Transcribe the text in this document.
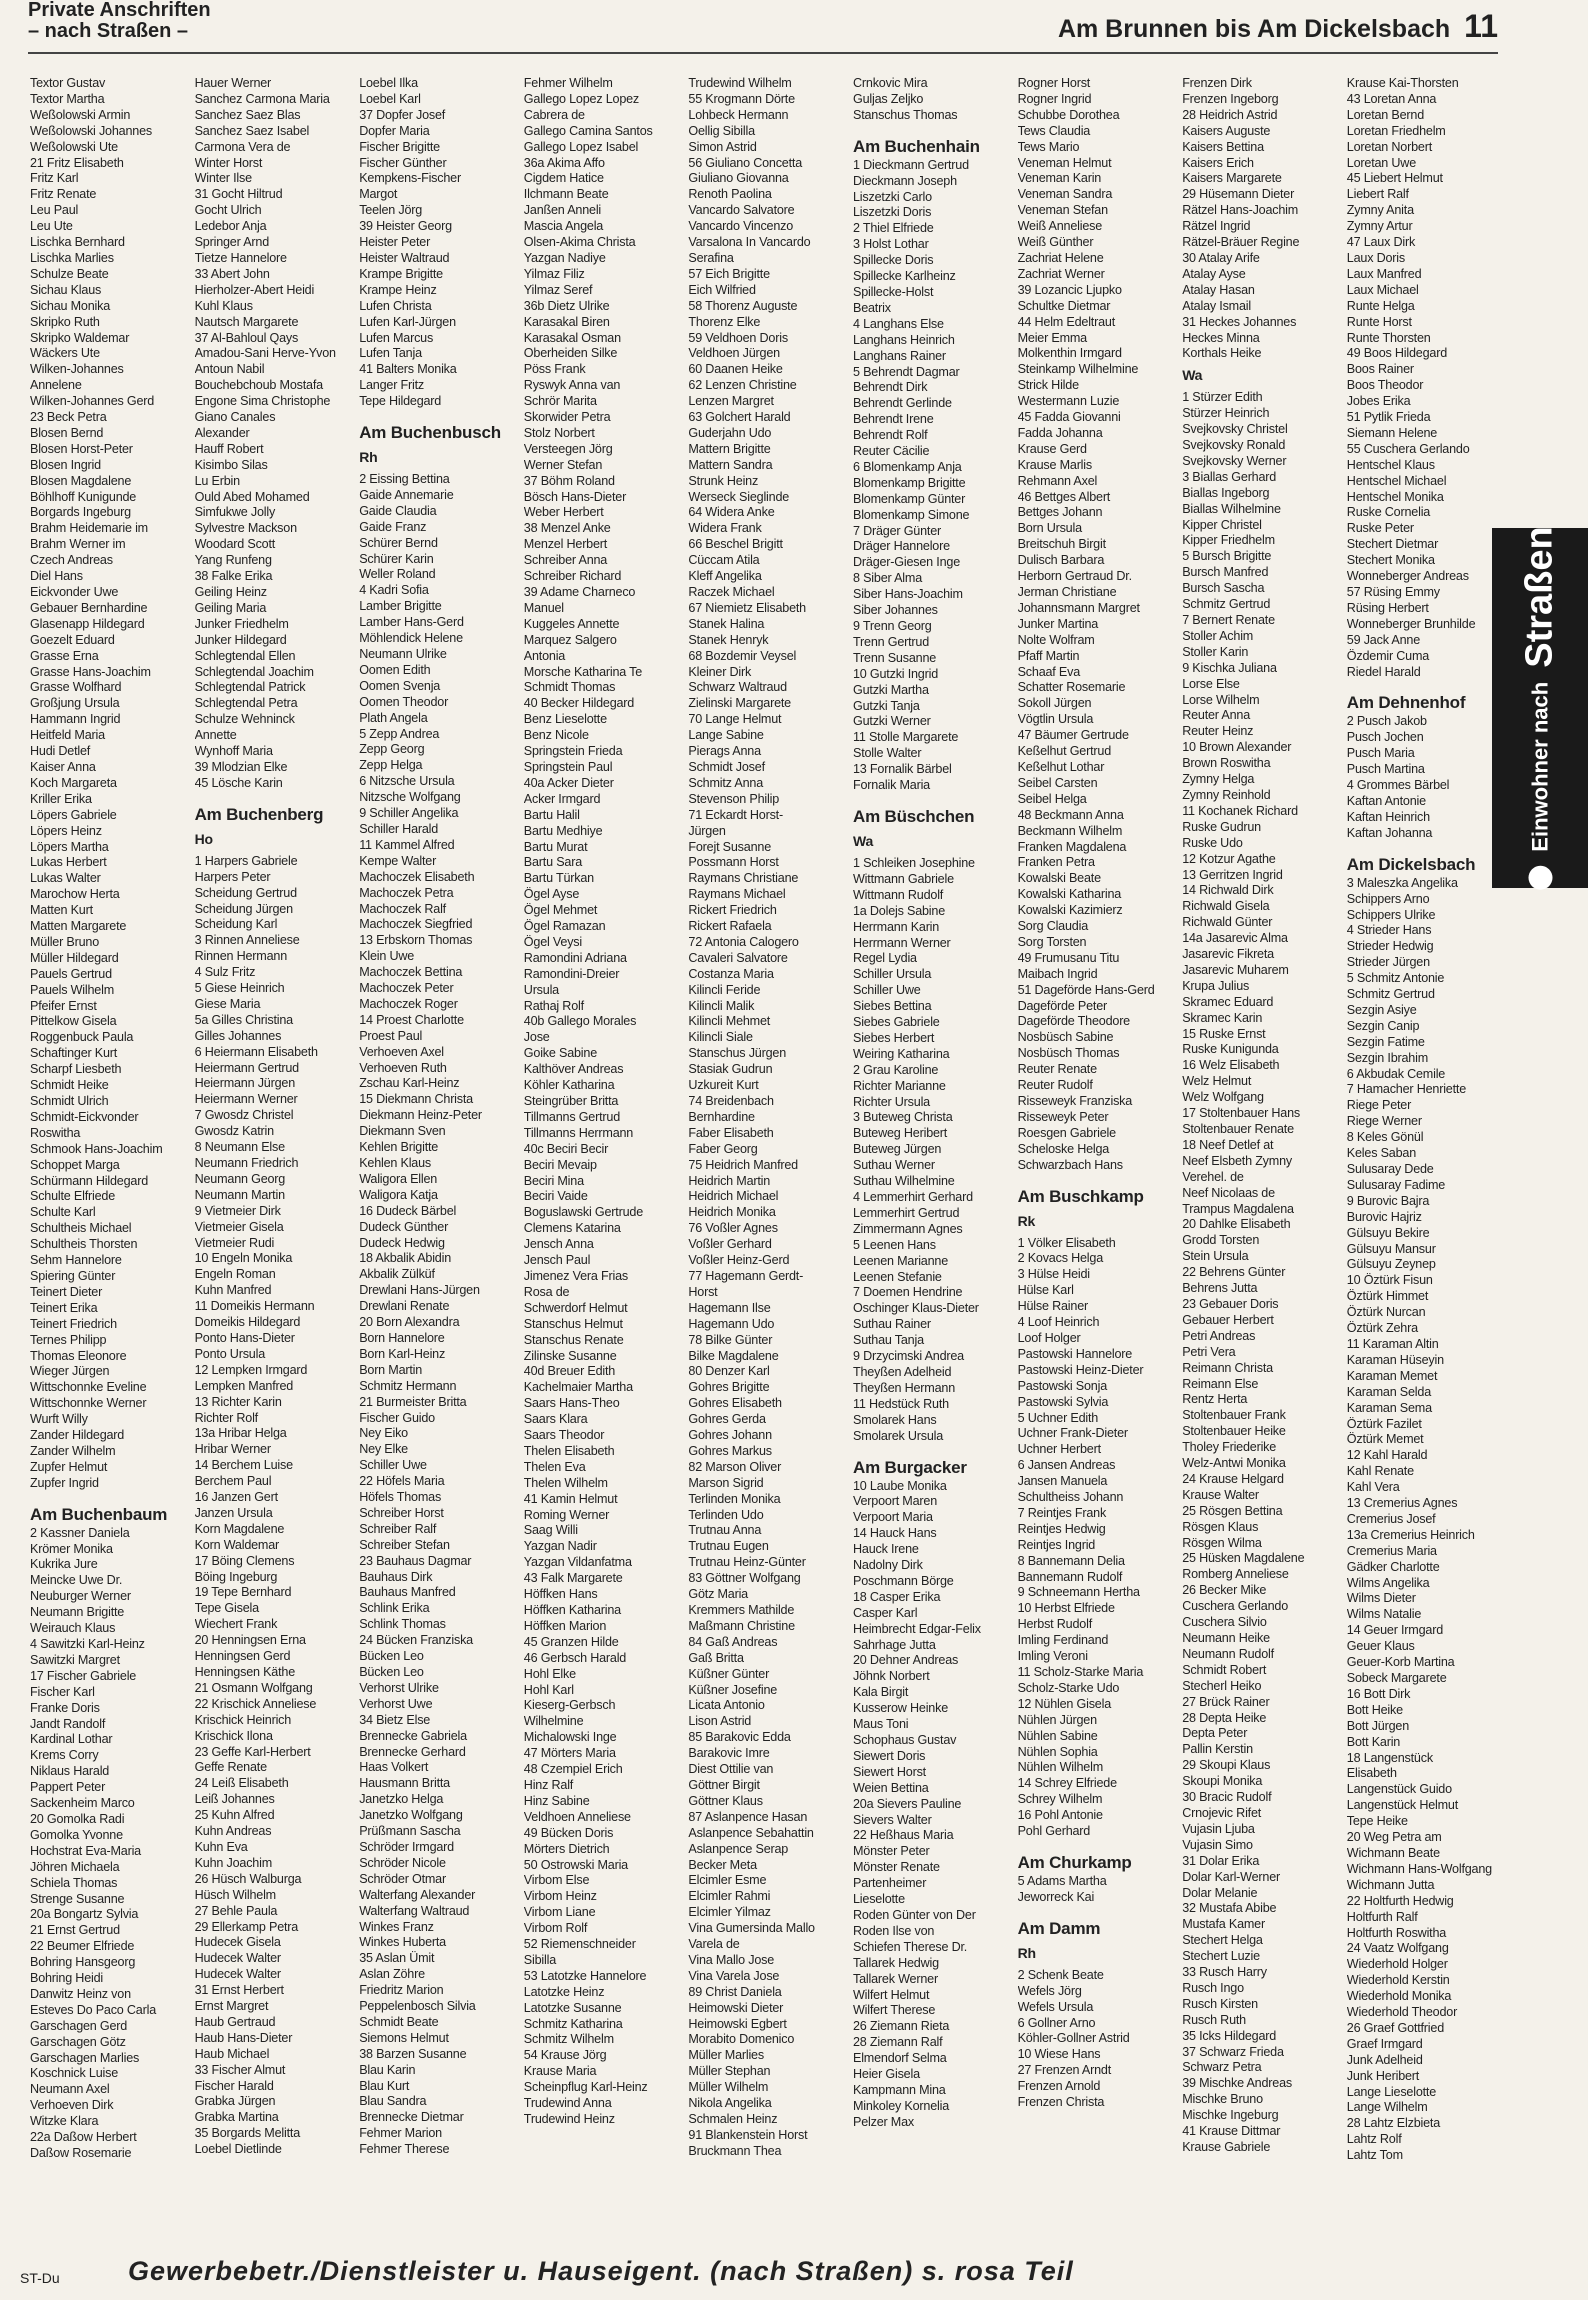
Private Anschriften
– nach Straßen –	Am Brunnen bis Am Dickelsbach 11
Textor Gustav
Textor Martha
Weßolowski Armin
Weßolowski Johannes
Weßolowski Ute
21 Fritz Elisabeth
Fritz Karl
Fritz Renate
Leu Paul
Leu Ute
Lischka Bernhard
Lischka Marlies
Schulze Beate
Sichau Klaus
Sichau Monika
Skripko Ruth
Skripko Waldemar
Wäckers Ute
Wilken-Johannes
Annelene
Wilken-Johannes Gerd
23 Beck Petra
Blosen Bernd
Blosen Horst-Peter
Blosen Ingrid
Blosen Magdalene
Böhlhoff Kunigunde
Borgards Ingeburg
Brahm Heidemarie im
Brahm Werner im
Czech Andreas
Diel Hans
Eickvonder Uwe
Gebauer Bernhardine
Glasenapp Hildegard
Goezelt Eduard
Grasse Erna
Grasse Hans-Joachim
Grasse Wolfhard
Großjung Ursula
Hammann Ingrid
Heitfeld Maria
Hudi Detlef
Kaiser Anna
Koch Margareta
Kriller Erika
Löpers Gabriele
Löpers Heinz
Löpers Martha
Lukas Herbert
Lukas Walter
Marochow Herta
Matten Kurt
Matten Margarete
Müller Bruno
Müller Hildegard
Pauels Gertrud
Pauels Wilhelm
Pfeifer Ernst
Pittelkow Gisela
Roggenbuck Paula
Schaftinger Kurt
Scharpf Liesbeth
Schmidt Heike
Schmidt Ulrich
Schmidt-Eickvonder
Roswitha
Schmook Hans-Joachim
Schoppet Marga
Schürmann Hildegard
Schulte Elfriede
Schulte Karl
Schultheis Michael
Schultheis Thorsten
Sehm Hannelore
Spiering Günter
Teinert Dieter
Teinert Erika
Teinert Friedrich
Ternes Philipp
Thomas Eleonore
Wieger Jürgen
Wittschonnke Eveline
Wittschonnke Werner
Wurft Willy
Zander Hildegard
Zander Wilhelm
Zupfer Helmut
Zupfer Ingrid
Am Buchenbaum
2 Kassner Daniela
Krömer Monika
Kukrika Jure
Meincke Uwe Dr.
Neuburger Werner
Neumann Brigitte
Weirauch Klaus
4 Sawitzki Karl-Heinz
Sawitzki Margret
17 Fischer Gabriele
Fischer Karl
Franke Doris
Jandt Randolf
Kardinal Lothar
Krems Corry
Niklaus Harald
Pappert Peter
Sackenheim Marco
20 Gomolka Radi
Gomolka Yvonne
Hochstrat Eva-Maria
Jöhren Michaela
Schiela Thomas
Strenge Susanne
20a Bongartz Sylvia
21 Ernst Gertrud
22 Beumer Elfriede
Bohring Hansgeorg
Bohring Heidi
Danwitz Heinz von
Esteves Do Paco Carla
Garschagen Gerd
Garschagen Götz
Garschagen Marlies
Koschnick Luise
Neumann Axel
Verhoeven Dirk
Witzke Klara
22a Daßow Herbert
Daßow Rosemarie
Hauer Werner
Sanchez Carmona Maria
Sanchez Saez Blas
Sanchez Saez Isabel
Carmona Vera de
Winter Horst
Winter Ilse
31 Gocht Hiltrud
Gocht Ulrich
Ledebor Anja
Springer Arnd
Tietze Hannelore
33 Abert John
Hierholzer-Abert Heidi
Kuhl Klaus
Nautsch Margarete
37 Al-Bahloul Qays
Amadou-Sani Herve-Yvon
Antoun Nabil
Bouchebchoub Mostafa
Engone Sima Christophe
Giano Canales
Alexander
Hauff Robert
Kisimbo Silas
Lu Erbin
Ould Abed Mohamed
Simfukwe Jolly
Sylvestre Mackson
Woodard Scott
Yang Runfeng
38 Falke Erika
Geiling Heinz
Geiling Maria
Junker Friedhelm
Junker Hildegard
Schlegtendal Ellen
Schlegtendal Joachim
Schlegtendal Patrick
Schlegtendal Petra
Schulze Wehninck
Annette
Wynhoff Maria
39 Mlodzian Elke
45 Lösche Karin
Am Buchenberg
Ho
1 Harpers Gabriele
Harpers Peter
Scheidung Gertrud
Scheidung Jürgen
Scheidung Karl
3 Rinnen Anneliese
Rinnen Hermann
4 Sulz Fritz
5 Giese Heinrich
Giese Maria
5a Gilles Christina
Gilles Johannes
6 Heiermann Elisabeth
Heiermann Gertrud
Heiermann Jürgen
Heiermann Werner
7 Gwosdz Christel
Gwosdz Katrin
8 Neumann Else
Neumann Friedrich
Neumann Georg
Neumann Martin
9 Vietmeier Dirk
Vietmeier Gisela
Vietmeier Rudi
10 Engeln Monika
Engeln Roman
Kuhn Manfred
11 Domeikis Hermann
Domeikis Hildegard
Ponto Hans-Dieter
Ponto Ursula
12 Lempken Irmgard
Lempken Manfred
13 Richter Karin
Richter Rolf
13a Hribar Helga
Hribar Werner
14 Berchem Luise
Berchem Paul
16 Janzen Gert
Janzen Ursula
Korn Magdalene
Korn Waldemar
17 Böing Clemens
Böing Ingeburg
19 Tepe Bernhard
Tepe Gisela
Wiechert Frank
20 Henningsen Erna
Henningsen Gerd
Henningsen Käthe
21 Osmann Wolfgang
22 Krischick Anneliese
Krischick Heinrich
Krischick Ilona
23 Geffe Karl-Herbert
Geffe Renate
24 Leiß Elisabeth
Leiß Johannes
25 Kuhn Alfred
Kuhn Andreas
Kuhn Eva
Kuhn Joachim
26 Hüsch Walburga
Hüsch Wilhelm
27 Behle Paula
29 Ellerkamp Petra
Hudecek Gisela
Hudecek Walter
Hudecek Walter
31 Ernst Herbert
Ernst Margret
Haub Gertraud
Haub Hans-Dieter
Haub Michael
33 Fischer Almut
Fischer Harald
Grabka Jürgen
Grabka Martina
35 Borgards Melitta
Loebel Dietlinde
Loebel Ilka
Loebel Karl
37 Dopfer Josef
Dopfer Maria
Fischer Brigitte
Fischer Günther
Kempkens-Fischer
Margot
Teelen Jörg
39 Heister Georg
Heister Peter
Heister Waltraud
Krampe Brigitte
Krampe Heinz
Lufen Christa
Lufen Karl-Jürgen
Lufen Marcus
Lufen Tanja
41 Balters Monika
Langer Fritz
Tepe Hildegard
Am Buchenbusch
Rh
2 Eissing Bettina
Gaide Annemarie
Gaide Claudia
Gaide Franz
Schürer Bernd
Schürer Karin
Weller Roland
4 Kadri Sofia
Lamber Brigitte
Lamber Hans-Gerd
Möhlendick Helene
Neumann Ulrike
Oomen Edith
Oomen Svenja
Oomen Theodor
Plath Angela
5 Zepp Andrea
Zepp Georg
Zepp Helga
6 Nitzsche Ursula
Nitzsche Wolfgang
9 Schiller Angelika
Schiller Harald
11 Kammel Alfred
Kempe Walter
Machoczek Elisabeth
Machoczek Petra
Machoczek Ralf
Machoczek Siegfried
13 Erbskorn Thomas
Klein Uwe
Machoczek Bettina
Machoczek Peter
Machoczek Roger
14 Proest Charlotte
Proest Paul
Verhoeven Axel
Verhoeven Ruth
Zschau Karl-Heinz
15 Diekmann Christa
Diekmann Heinz-Peter
Diekmann Sven
Kehlen Brigitte
Kehlen Klaus
Waligora Ellen
Waligora Katja
16 Dudeck Bärbel
Dudeck Günther
Dudeck Hedwig
18 Akbalik Abidin
Akbalik Zülküf
Drewlani Hans-Jürgen
Drewlani Renate
20 Born Alexandra
Born Hannelore
Born Karl-Heinz
Born Martin
Schmitz Hermann
21 Burmeister Britta
Fischer Guido
Ney Eiko
Ney Elke
Schiller Uwe
22 Höfels Maria
Höfels Thomas
Schreiber Horst
Schreiber Ralf
Schreiber Stefan
23 Bauhaus Dagmar
Bauhaus Dirk
Bauhaus Manfred
Schlink Erika
Schlink Thomas
24 Bücken Franziska
Bücken Leo
Bücken Leo
Verhorst Ulrike
Verhorst Uwe
34 Bietz Else
Brennecke Gabriela
Brennecke Gerhard
Haas Volkert
Hausmann Britta
Janetzko Helga
Janetzko Wolfgang
Prüßmann Sascha
Schröder Irmgard
Schröder Nicole
Schröder Otmar
Walterfang Alexander
Walterfang Waltraud
Winkes Franz
Winkes Hubertа
35 Aslan Ümit
Aslan Zöhre
Friedritz Marion
Peppelenbosch Silvia
Schmidt Beate
Siemons Helmut
38 Barzen Susanne
Blau Karin
Blau Kurt
Blau Sandra
Brennecke Dietmar
Fehmer Marion
Fehmer Therese
Fehmer Wilhelm
Gallego Lopez Lopez
Cabrera de
Gallego Camina Santos
Gallego Lopez Isabel
36a Akima Affo
Cigdem Hatice
Ilchmann Beate
Janßen Anneli
Mascia Angela
Olsen-Akima Christa
Yazgan Nadiye
Yilmaz Filiz
Yilmaz Seref
36b Dietz Ulrike
Karasakal Biren
Karasakal Osman
Oberheiden Silke
Pöss Frank
Ryswyk Anna van
Schrör Marita
Skorwider Petra
Stolz Norbert
Versteegen Jörg
Werner Stefan
37 Böhm Roland
Bösch Hans-Dieter
Weber Herbert
38 Menzel Anke
Menzel Herbert
Schreiber Anna
Schreiber Richard
39 Adame Charneco
Manuel
Kuggeles Annette
Marquez Salgero
Antonia
Morsche Katharina Te
Schmidt Thomas
40 Becker Hildegard
Benz Lieselotte
Benz Nicole
Springstein Frieda
Springstein Paul
40a Acker Dieter
Acker Irmgard
Bartu Halil
Bartu Medhiye
Bartu Murat
Bartu Sara
Bartu Türkan
Ögel Ayse
Ögel Mehmet
Ögel Ramazan
Ögel Veysi
Ramondini Adriana
Ramondini-Dreier
Ursula
Rathaj Rolf
40b Gallego Morales
Jose
Goike Sabine
Kalthöver Andreas
Köhler Katharina
Steingrüber Britta
Tillmanns Gertrud
Tillmanns Herrmann
40c Beciri Becir
Beciri Mevaip
Beciri Mina
Beciri Vaide
Boguslawski Gertrude
Clemens Katarina
Jensch Anna
Jensch Paul
Jimenez Vera Frias
Rosa de
Schwerdorf Helmut
Stanschus Helmut
Stanschus Renate
Zilinske Susanne
40d Breuer Edith
Kachelmaier Martha
Saars Hans-Theo
Saars Klara
Saars Theodor
Thelen Elisabeth
Thelen Eva
Thelen Wilhelm
41 Kamin Helmut
Roming Werner
Saag Willi
Yazgan Nadir
Yazgan Vildanfatma
43 Falk Margarete
Höffken Hans
Höffken Katharina
Höffken Marion
45 Granzen Hilde
46 Gerbsch Harald
Hohl Elke
Hohl Karl
Kieserg-Gerbsch
Wilhelmine
Michalowski Inge
47 Mörters Maria
48 Czempiel Erich
Hinz Ralf
Hinz Sabine
Veldhoen Anneliese
49 Bücken Doris
Mörters Dietrich
50 Ostrowski Maria
Virbom Else
Virbom Heinz
Virbom Liane
Virbom Rolf
52 Riemenschneider
Sibilla
53 Latotzke Hannelore
Latotzke Heinz
Latotzke Susanne
Schmitz Katharina
Schmitz Wilhelm
54 Krause Jörg
Krause Maria
Scheinpflug Karl-Heinz
Trudewind Anna
Trudewind Heinz
Trudewind Wilhelm
55 Krogmann Dörte
Lohbeck Hermann
Oellig Sibilla
Simon Astrid
56 Giuliano Concetta
Giuliano Giovanna
Renoth Paolina
Vancardo Salvatore
Vancardo Vincenzo
Varsalona In Vancardo
Serafina
57 Eich Brigitte
Eich Wilfried
58 Thorenz Auguste
Thorenz Elke
59 Veldhoen Doris
Veldhoen Jürgen
60 Daanen Heike
62 Lenzen Christine
Lenzen Margret
63 Golchert Harald
Guderjahn Udo
Mattern Brigitte
Mattern Sandra
Strunk Heinz
Werseck Sieglinde
64 Widera Anke
Widera Frank
66 Beschel Brigitt
Cüccam Atila
Kleff Angelika
Raczek Michael
67 Niemietz Elisabeth
Stanek Halina
Stanek Henryk
68 Bozdemir Veysel
Kleiner Dirk
Schwarz Waltraud
Zielinski Margarete
70 Lange Helmut
Lange Sabine
Pierags Anna
Schmidt Josef
Schmitz Anna
Stevenson Philip
71 Eckardt Horst-
Jürgen
Forejt Susanne
Possmann Horst
Raymans Christiane
Raymans Michael
Rickert Friedrich
Rickert Rafaela
72 Antonia Calogero
Cavaleri Salvatore
Costanza Maria
Kilincli Feride
Kilincli Malik
Kilincli Mehmet
Kilincli Siale
Stanschus Jürgen
Stasiak Gudrun
Uzkureit Kurt
74 Breidenbach
Bernhardine
Faber Elisabeth
Faber Georg
75 Heidrich Manfred
Heidrich Martin
Heidrich Michael
Heidrich Monika
76 Voßler Agnes
Voßler Gerhard
Voßler Heinz-Gerd
77 Hagemann Gerdt-
Horst
Hagemann Ilse
Hagemann Udo
78 Bilke Günter
Bilke Magdalene
80 Denzer Karl
Gohres Brigitte
Gohres Elisabeth
Gohres Gerda
Gohres Johann
Gohres Markus
82 Marson Oliver
Marson Sigrid
Terlinden Monika
Terlinden Udo
Trutnau Anna
Trutnau Eugen
Trutnau Heinz-Günter
83 Göttner Wolfgang
Götz Maria
Kremmers Mathilde
Maßmann Christine
84 Gaß Andreas
Gaß Britta
Küßner Günter
Küßner Josefine
Licata Antonio
Lison Astrid
85 Barakovic Edda
Barakovic Imre
Diest Ottilie van
Göttner Birgit
Göttner Klaus
87 Aslanpence Hasan
Aslanpence Sebahattin
Aslanpence Serap
Becker Meta
Elcimler Esme
Elcimler Rahmi
Elcimler Yilmaz
Vina Gumersinda Mallo
Varela de
Vina Mallo Jose
Vina Varela Jose
89 Christ Daniela
Heimowski Dieter
Heimowski Egbert
Morabito Domenico
Müller Marlies
Müller Stephan
Müller Wilhelm
Nikola Angelika
Schmalen Heinz
91 Blankenstein Horst
Bruckmann Thea
Crnkovic Mira
Guljas Zeljko
Stanschus Thomas
Am Buchenhain
1 Dieckmann Gertrud
Dieckmann Joseph
Liszetzki Carlo
Liszetzki Doris
2 Thiel Elfriede
3 Holst Lothar
Spillecke Doris
Spillecke Karlheinz
Spillecke-Holst
Beatrix
4 Langhans Else
Langhans Heinrich
Langhans Rainer
5 Behrendt Dagmar
Behrendt Dirk
Behrendt Gerlinde
Behrendt Irene
Behrendt Rolf
Reuter Cäcilie
6 Blomenkamp Anja
Blomenkamp Brigitte
Blomenkamp Günter
Blomenkamp Simone
7 Dräger Günter
Dräger Hannelore
Dräger-Giesen Inge
8 Siber Alma
Siber Hans-Joachim
Siber Johannes
9 Trenn Georg
Trenn Gertrud
Trenn Susanne
10 Gutzki Ingrid
Gutzki Martha
Gutzki Tanja
Gutzki Werner
11 Stolle Margarete
Stolle Walter
13 Fornalik Bärbel
Fornalik Maria
Am Büschchen
Wa
1 Schleiken Josephine
Wittmann Gabriele
Wittmann Rudolf
1a Dolejs Sabine
Herrmann Karin
Herrmann Werner
Regel Lydia
Schiller Ursula
Schiller Uwe
Siebes Bettina
Siebes Gabriele
Siebes Herbert
Weiring Katharina
2 Grau Karoline
Richter Marianne
Richter Ursula
3 Buteweg Christa
Buteweg Heribert
Buteweg Jürgen
Suthau Werner
Suthau Wilhelmine
4 Lemmerhirt Gerhard
Lemmerhirt Gertrud
Zimmermann Agnes
5 Leenen Hans
Leenen Marianne
Leenen Stefanie
7 Doemen Hendrine
Oschinger Klaus-Dieter
Suthau Rainer
Suthau Tanja
9 Drzycimski Andrea
Theyßen Adelheid
Theyßen Hermann
11 Hedstück Ruth
Smolarek Hans
Smolarek Ursula
Am Burgacker
10 Laube Monika
Verpoort Maren
Verpoort Maria
14 Hauck Hans
Hauck Irene
Nadolny Dirk
Poschmann Börge
18 Casper Erika
Casper Karl
Heimbrecht Edgar-Felix
Sahrhage Jutta
20 Dehner Andreas
Jöhnk Norbert
Kala Birgit
Kusserow Heinke
Maus Toni
Schophaus Gustav
Siewert Doris
Siewert Horst
Weien Bettina
20a Sievers Pauline
Sievers Walter
22 Heßhaus Maria
Mönster Peter
Mönster Renate
Partenheimer
Lieselotte
Roden Günter von Der
Roden Ilse von
Schiefen Therese Dr.
Tallarek Hedwig
Tallarek Werner
Wilfert Helmut
Wilfert Therese
26 Ziemann Rieta
28 Ziemann Ralf
Elmendorf Selma
Heier Gisela
Kampmann Mina
Minkoley Kornelia
Pelzer Max
Rogner Horst
Rogner Ingrid
Schubbe Dorothea
Tews Claudia
Tews Mario
Veneman Helmut
Veneman Karin
Veneman Sandra
Veneman Stefan
Weiß Anneliese
Weiß Günther
Zachriat Helene
Zachriat Werner
39 Lozancic Ljupko
Schultke Dietmar
44 Helm Edeltraut
Meier Emma
Molkenthin Irmgard
Steinkamp Wilhelmine
Strick Hilde
Westermann Luzie
45 Fadda Giovanni
Fadda Johanna
Krause Gerd
Krause Marlis
Rehmann Axel
46 Bettges Albert
Bettges Johann
Born Ursula
Breitschuh Birgit
Dulisch Barbara
Herborn Gertraud Dr.
Jerman Christiane
Johannsmann Margret
Junker Martina
Nolte Wolfram
Pfaff Martin
Schaaf Eva
Schatter Rosemarie
Sokoll Jürgen
Vögtlin Ursula
47 Bäumer Gertrude
Keßelhut Gertrud
Keßelhut Lothar
Seibel Carsten
Seibel Helga
48 Beckmann Anna
Beckmann Wilhelm
Franken Magdalena
Franken Petra
Kowalski Beate
Kowalski Katharina
Kowalski Kazimierz
Sorg Claudia
Sorg Torsten
49 Frumusanu Titu
Maibach Ingrid
51 Dageförde Hans-Gerd
Dageförde Peter
Dageförde Theodore
Nosbüsch Sabine
Nosbüsch Thomas
Reuter Renate
Reuter Rudolf
Risseweyk Franziska
Risseweyk Peter
Roesgen Gabriele
Scheloske Helga
Schwarzbach Hans
Am Buschkamp
Rk
1 Völker Elisabeth
2 Kovacs Helga
3 Hülse Heidi
Hülse Karl
Hülse Rainer
4 Loof Heinrich
Loof Holger
Pastowski Hannelore
Pastowski Heinz-Dieter
Pastowski Sonja
Pastowski Sylvia
5 Uchner Edith
Uchner Frank-Dieter
Uchner Herbert
6 Jansen Andreas
Jansen Manuela
Schultheiss Johann
7 Reintjes Frank
Reintjes Hedwig
Reintjes Ingrid
8 Bannemann Delia
Bannemann Rudolf
9 Schneemann Hertha
10 Herbst Elfriede
Herbst Rudolf
Imling Ferdinand
Imling Veroni
11 Scholz-Starke Maria
Scholz-Starke Udo
12 Nühlen Gisela
Nühlen Jürgen
Nühlen Sabine
Nühlen Sophia
Nühlen Wilhelm
14 Schrey Elfriede
Schrey Wilhelm
16 Pohl Antonie
Pohl Gerhard
Am Churkamp
5 Adams Martha
Jeworreck Kai
Am Damm
Rh
2 Schenk Beate
Wefels Jörg
Wefels Ursula
6 Gollner Arno
Köhler-Gollner Astrid
10 Wiese Hans
27 Frenzen Arndt
Frenzen Arnold
Frenzen Christa
Frenzen Dirk
Frenzen Ingeborg
28 Heidrich Astrid
Kaisers Auguste
Kaisers Bettina
Kaisers Erich
Kaisers Margarete
29 Hüsemann Dieter
Rätzel Hans-Joachim
Rätzel Ingrid
Rätzel-Bräuer Regine
30 Atalay Arife
Atalay Ayse
Atalay Hasan
Atalay Ismail
31 Heckes Johannes
Heckes Minna
Korthals Heike
Wa
1 Stürzer Edith
Stürzer Heinrich
Svejkovsky Christel
Svejkovsky Ronald
Svejkovsky Werner
3 Biallas Gerhard
Biallas Ingeborg
Biallas Wilhelmine
Kipper Christel
Kipper Friedhelm
5 Bursch Brigitte
Bursch Manfred
Bursch Sascha
Schmitz Gertrud
7 Bernert Renate
Stoller Achim
Stoller Karin
9 Kischka Juliana
Lorse Else
Lorse Wilhelm
Reuter Anna
Reuter Heinz
10 Brown Alexander
Brown Roswitha
Zymny Helga
Zymny Reinhold
11 Kochanek Richard
Ruske Gudrun
Ruske Udo
12 Kotzur Agathe
13 Gerritzen Ingrid
14 Richwald Dirk
Richwald Gisela
Richwald Günter
14a Jasarevic Alma
Jasarevic Fikreta
Jasarevic Muharem
Krupa Julius
Skramec Eduard
Skramec Karin
15 Ruske Ernst
Ruske Kunigunda
16 Welz Elisabeth
Welz Helmut
Welz Wolfgang
17 Stoltenbauer Hans
Stoltenbauer Renate
18 Neef Detlef at
Neef Elsbeth Zymny
Verehel. de
Neef Nicolaas de
Trampus Magdalena
20 Dahlke Elisabeth
Grodd Torsten
Stein Ursula
22 Behrens Günter
Behrens Jutta
23 Gebauer Doris
Gebauer Herbert
Petri Andreas
Petri Vera
Reimann Christa
Reimann Else
Rentz Herta
Stoltenbauer Frank
Stoltenbauer Heike
Tholey Friederike
Welz-Antwi Monika
24 Krause Helgard
Krause Walter
25 Rösgen Bettina
Rösgen Klaus
Rösgen Wilma
25 Hüsken Magdalene
Romberg Anneliese
26 Becker Mike
Cuschera Gerlando
Cuschera Silvio
Neumann Heike
Neumann Rudolf
Schmidt Robert
Stecherl Heiko
27 Brück Rainer
28 Depta Heike
Depta Peter
Pallin Kerstin
29 Skoupi Klaus
Skoupi Monika
30 Bracic Rudolf
Crnojevic Rifet
Vujasin Ljuba
Vujasin Simo
31 Dolar Erika
Dolar Karl-Werner
Dolar Melanie
32 Mustafa Abibe
Mustafa Kamer
Stechert Helga
Stechert Luzie
33 Rusch Harry
Rusch Ingo
Rusch Kirsten
Rusch Ruth
35 Icks Hildegard
37 Schwarz Frieda
Schwarz Petra
39 Mischke Andreas
Mischke Bruno
Mischke Ingeburg
41 Krause Dittmar
Krause Gabriele
Krause Kai-Thorsten
43 Loretan Anna
Loretan Bernd
Loretan Friedhelm
Loretan Norbert
Loretan Uwe
45 Liebert Helmut
Liebert Ralf
Zymny Anita
Zymny Artur
47 Laux Dirk
Laux Doris
Laux Manfred
Laux Michael
Runte Helga
Runte Horst
Runte Thorsten
49 Boos Hildegard
Boos Rainer
Boos Theodor
Jobes Erika
51 Pytlik Frieda
Siemann Helene
55 Cuschera Gerlando
Hentschel Klaus
Hentschel Michael
Hentschel Monika
Ruske Cornelia
Ruske Peter
Stechert Dietmar
Stechert Monika
Wonneberger Andreas
57 Rüsing Emmy
Rüsing Herbert
Wonneberger Brunhilde
59 Jack Anne
Özdemir Cuma
Riedel Harald
Am Dehnenhof
2 Pusch Jakob
Pusch Jochen
Pusch Maria
Pusch Martina
4 Grommes Bärbel
Kaftan Antonie
Kaftan Heinrich
Kaftan Johanna
Am Dickelsbach
3 Maleszka Angelika
Schippers Arno
Schippers Ulrike
4 Strieder Hans
Strieder Hedwig
Strieder Jürgen
5 Schmitz Antonie
Schmitz Gertrud
Sezgin Asiye
Sezgin Canip
Sezgin Fatime
Sezgin Ibrahim
6 Akbudak Cemile
7 Hamacher Henriette
Riege Peter
Riege Werner
8 Keles Gönül
Keles Saban
Sulusaray Dede
Sulusaray Fadime
9 Burovic Bajra
Burovic Hajriz
Gülsuyu Bekire
Gülsuyu Mansur
Gülsuyu Zeynep
10 Öztürk Fisun
Öztürk Himmet
Öztürk Nurcan
Öztürk Zehra
11 Karaman Altin
Karaman Hüseyin
Karaman Memet
Karaman Selda
Karaman Sema
Öztürk Fazilet
Öztürk Memet
12 Kahl Harald
Kahl Renate
Kahl Vera
13 Cremerius Agnes
Cremerius Josef
13a Cremerius Heinrich
Cremerius Maria
Gädker Charlotte
Wilms Angelika
Wilms Dieter
Wilms Natalie
14 Geuer Irmgard
Geuer Klaus
Geuer-Korb Martina
Sobeck Margarete
16 Bott Dirk
Bott Heike
Bott Jürgen
Bott Karin
18 Langenstück
Elisabeth
Langenstück Guido
Langenstück Helmut
Tepe Heike
20 Weg Petra am
Wichmann Beate
Wichmann Hans-Wolfgang
Wichmann Jutta
22 Holtfurth Hedwig
Holtfurth Ralf
Holtfurth Roswitha
24 Vaatz Wolfgang
Wiederhold Holger
Wiederhold Kerstin
Wiederhold Monika
Wiederhold Theodor
26 Graef Gottfried
Graef Irmgard
Junk Adelheid
Junk Heribert
Lange Lieselotte
Lange Wilhelm
28 Lahtz Elzbieta
Lahtz Rolf
Lahtz Tom
Einwohner nach
Straßen
ST-Du	Gewerbebetr./Dienstleister u. Hauseigent. (nach Straßen) s. rosa Teil
